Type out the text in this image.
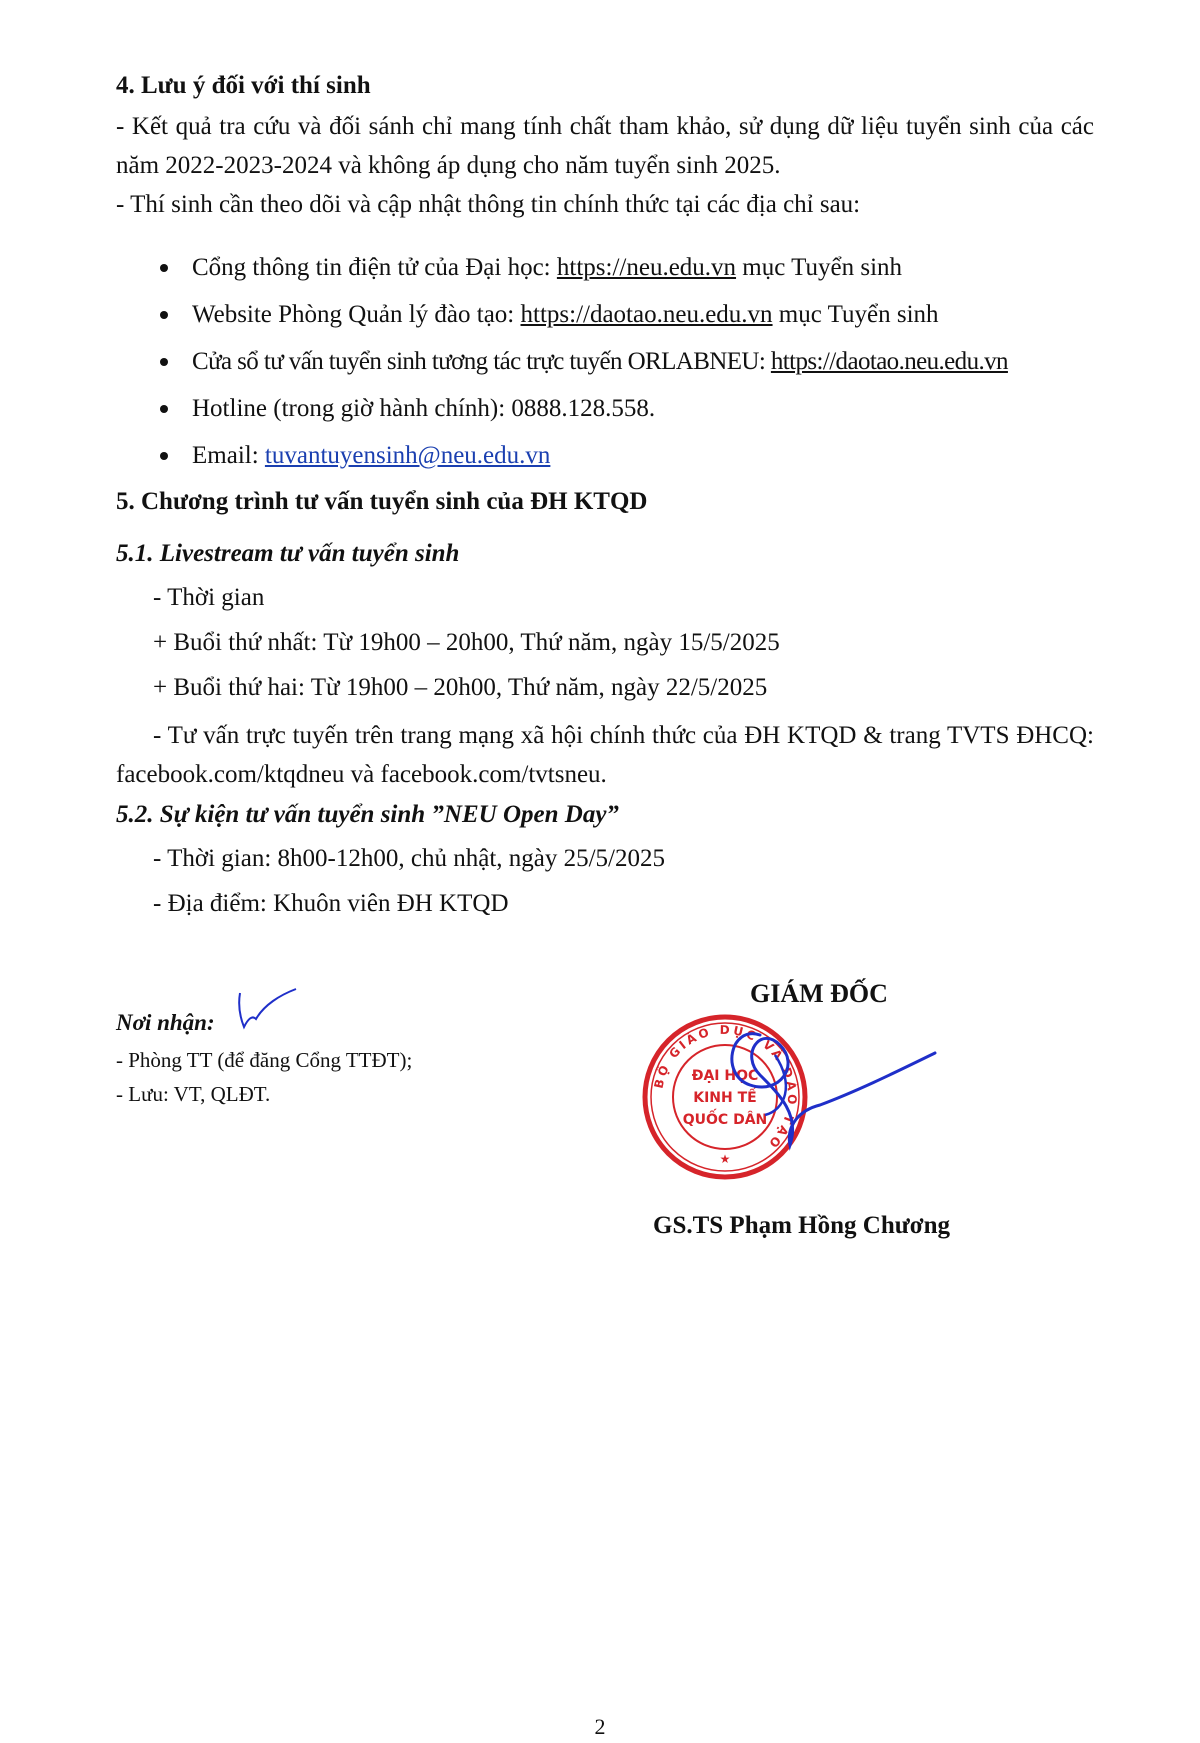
4. Lưu ý đối với thí sinh

- Kết quả tra cứu và đối sánh chỉ mang tính chất tham khảo, sử dụng dữ liệu tuyển sinh của các năm 2022-2023-2024 và không áp dụng cho năm tuyển sinh 2025.

- Thí sinh cần theo dõi và cập nhật thông tin chính thức tại các địa chỉ sau:

Cổng thông tin điện tử của Đại học: https://neu.edu.vn mục Tuyển sinh
Website Phòng Quản lý đào tạo: https://daotao.neu.edu.vn mục Tuyển sinh
Cửa sổ tư vấn tuyển sinh tương tác trực tuyến ORLABNEU: https://daotao.neu.edu.vn
Hotline (trong giờ hành chính): 0888.128.558.
Email: tuvantuyensinh@neu.edu.vn

5. Chương trình tư vấn tuyển sinh của ĐH KTQD

5.1. Livestream tư vấn tuyển sinh

- Thời gian

+ Buổi thứ nhất: Từ 19h00 – 20h00, Thứ năm, ngày 15/5/2025

+ Buổi thứ hai: Từ 19h00 – 20h00, Thứ năm, ngày 22/5/2025

- Tư vấn trực tuyến trên trang mạng xã hội chính thức của ĐH KTQD & trang TVTS ĐHCQ: facebook.com/ktqdneu và facebook.com/tvtsneu.

5.2. Sự kiện tư vấn tuyển sinh ”NEU Open Day”

- Thời gian: 8h00-12h00, chủ nhật, ngày 25/5/2025

- Địa điểm: Khuôn viên ĐH KTQD

Nơi nhận:

- Phòng TT (để đăng Cổng TTĐT);

- Lưu: VT, QLĐT.

GIÁM ĐỐC

BỘ GIÁO DỤC VÀ ĐÀO TẠO
ĐẠI HỌC
KINH TẾ
QUỐC DÂN
★

GS.TS Phạm Hồng Chương

2
